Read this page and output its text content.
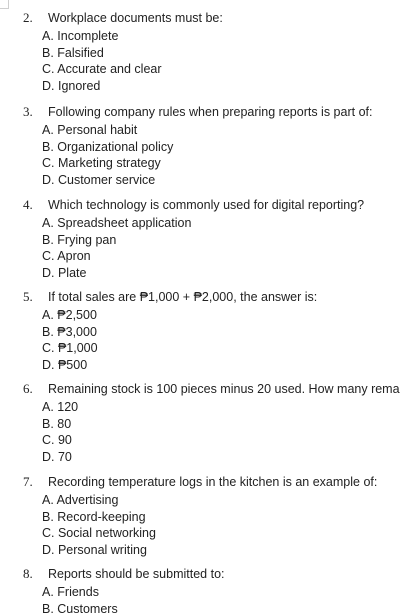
2. Workplace documents must be:
A. Incomplete
B. Falsified
C. Accurate and clear
D. Ignored
3. Following company rules when preparing reports is part of:
A. Personal habit
B. Organizational policy
C. Marketing strategy
D. Customer service
4. Which technology is commonly used for digital reporting?
A. Spreadsheet application
B. Frying pan
C. Apron
D. Plate
5. If total sales are ₱1,000 + ₱2,000, the answer is:
A. ₱2,500
B. ₱3,000
C. ₱1,000
D. ₱500
6. Remaining stock is 100 pieces minus 20 used. How many rema
A. 120
B. 80
C. 90
D. 70
7. Recording temperature logs in the kitchen is an example of:
A. Advertising
B. Record-keeping
C. Social networking
D. Personal writing
8. Reports should be submitted to:
A. Friends
B. Customers
